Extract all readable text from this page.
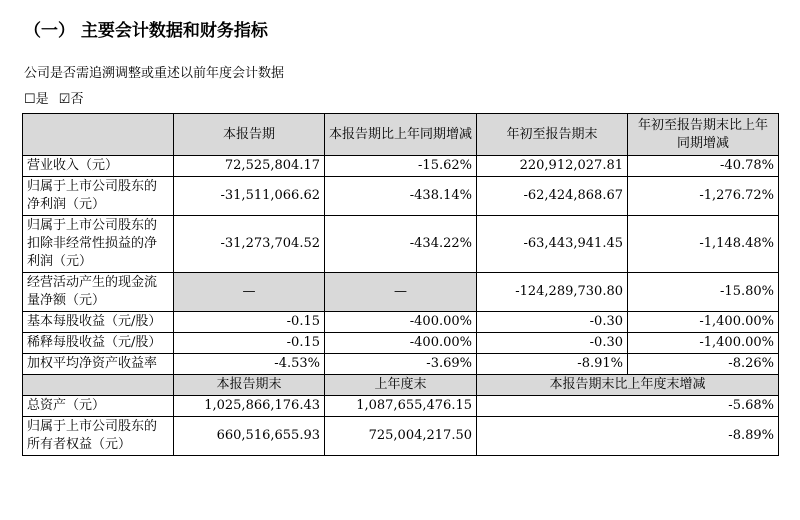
（一） 主要会计数据和财务指标
公司是否需追溯调整或重述以前年度会计数据
☐是 ☑否
	本报告期	本报告期比上年同期增减	年初至报告期末	年初至报告期末比上年同期增减
营业收入（元）	72,525,804.17	-15.62%	220,912,027.81	-40.78%
归属于上市公司股东的净利润（元）	-31,511,066.62	-438.14%	-62,424,868.67	-1,276.72%
归属于上市公司股东的扣除非经常性损益的净利润（元）	-31,273,704.52	-434.22%	-63,443,941.45	-1,148.48%
经营活动产生的现金流量净额（元）	—	—	-124,289,730.80	-15.80%
基本每股收益（元/股）	-0.15	-400.00%	-0.30	-1,400.00%
稀释每股收益（元/股）	-0.15	-400.00%	-0.30	-1,400.00%
加权平均净资产收益率	-4.53%	-3.69%	-8.91%	-8.26%
	本报告期末	上年度末	本报告期末比上年度末增减	
总资产（元）	1,025,866,176.43	1,087,655,476.15	-5.68%	
归属于上市公司股东的所有者权益（元）	660,516,655.93	725,004,217.50	-8.89%	
